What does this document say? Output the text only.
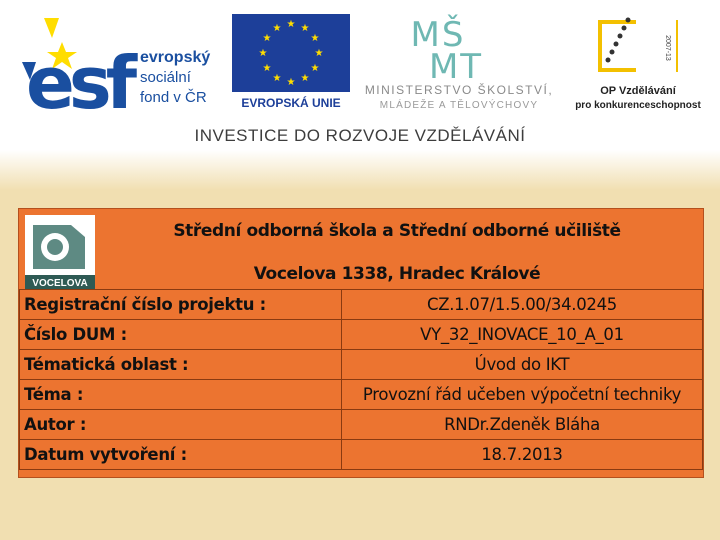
esf evropský
sociální
fond v ČR
★ ★
★
★
★
★
★
★
★
★
★
★
EVROPSKÁ UNIE
MŠ
MT
MINISTERSTVO ŠKOLSTVÍ,
MLÁDEŽE A TĚLOVÝCHOVY
2007-13
OP Vzdělávání
pro konkurenceschopnost
INVESTICE DO ROZVOJE VZDĚLÁVÁNÍ
VOCELOVA
Střední odborná škola a Střední odborné učiliště
Vocelova 1338, Hradec Králové
Registrační číslo projektu :	CZ.1.07/1.5.00/34.0245
Číslo DUM :	VY_32_INOVACE_10_A_01
Tématická oblast :	Úvod do IKT
Téma :	Provozní řád učeben výpočetní techniky
Autor :	RNDr.Zdeněk Bláha
Datum vytvoření :	18.7.2013
